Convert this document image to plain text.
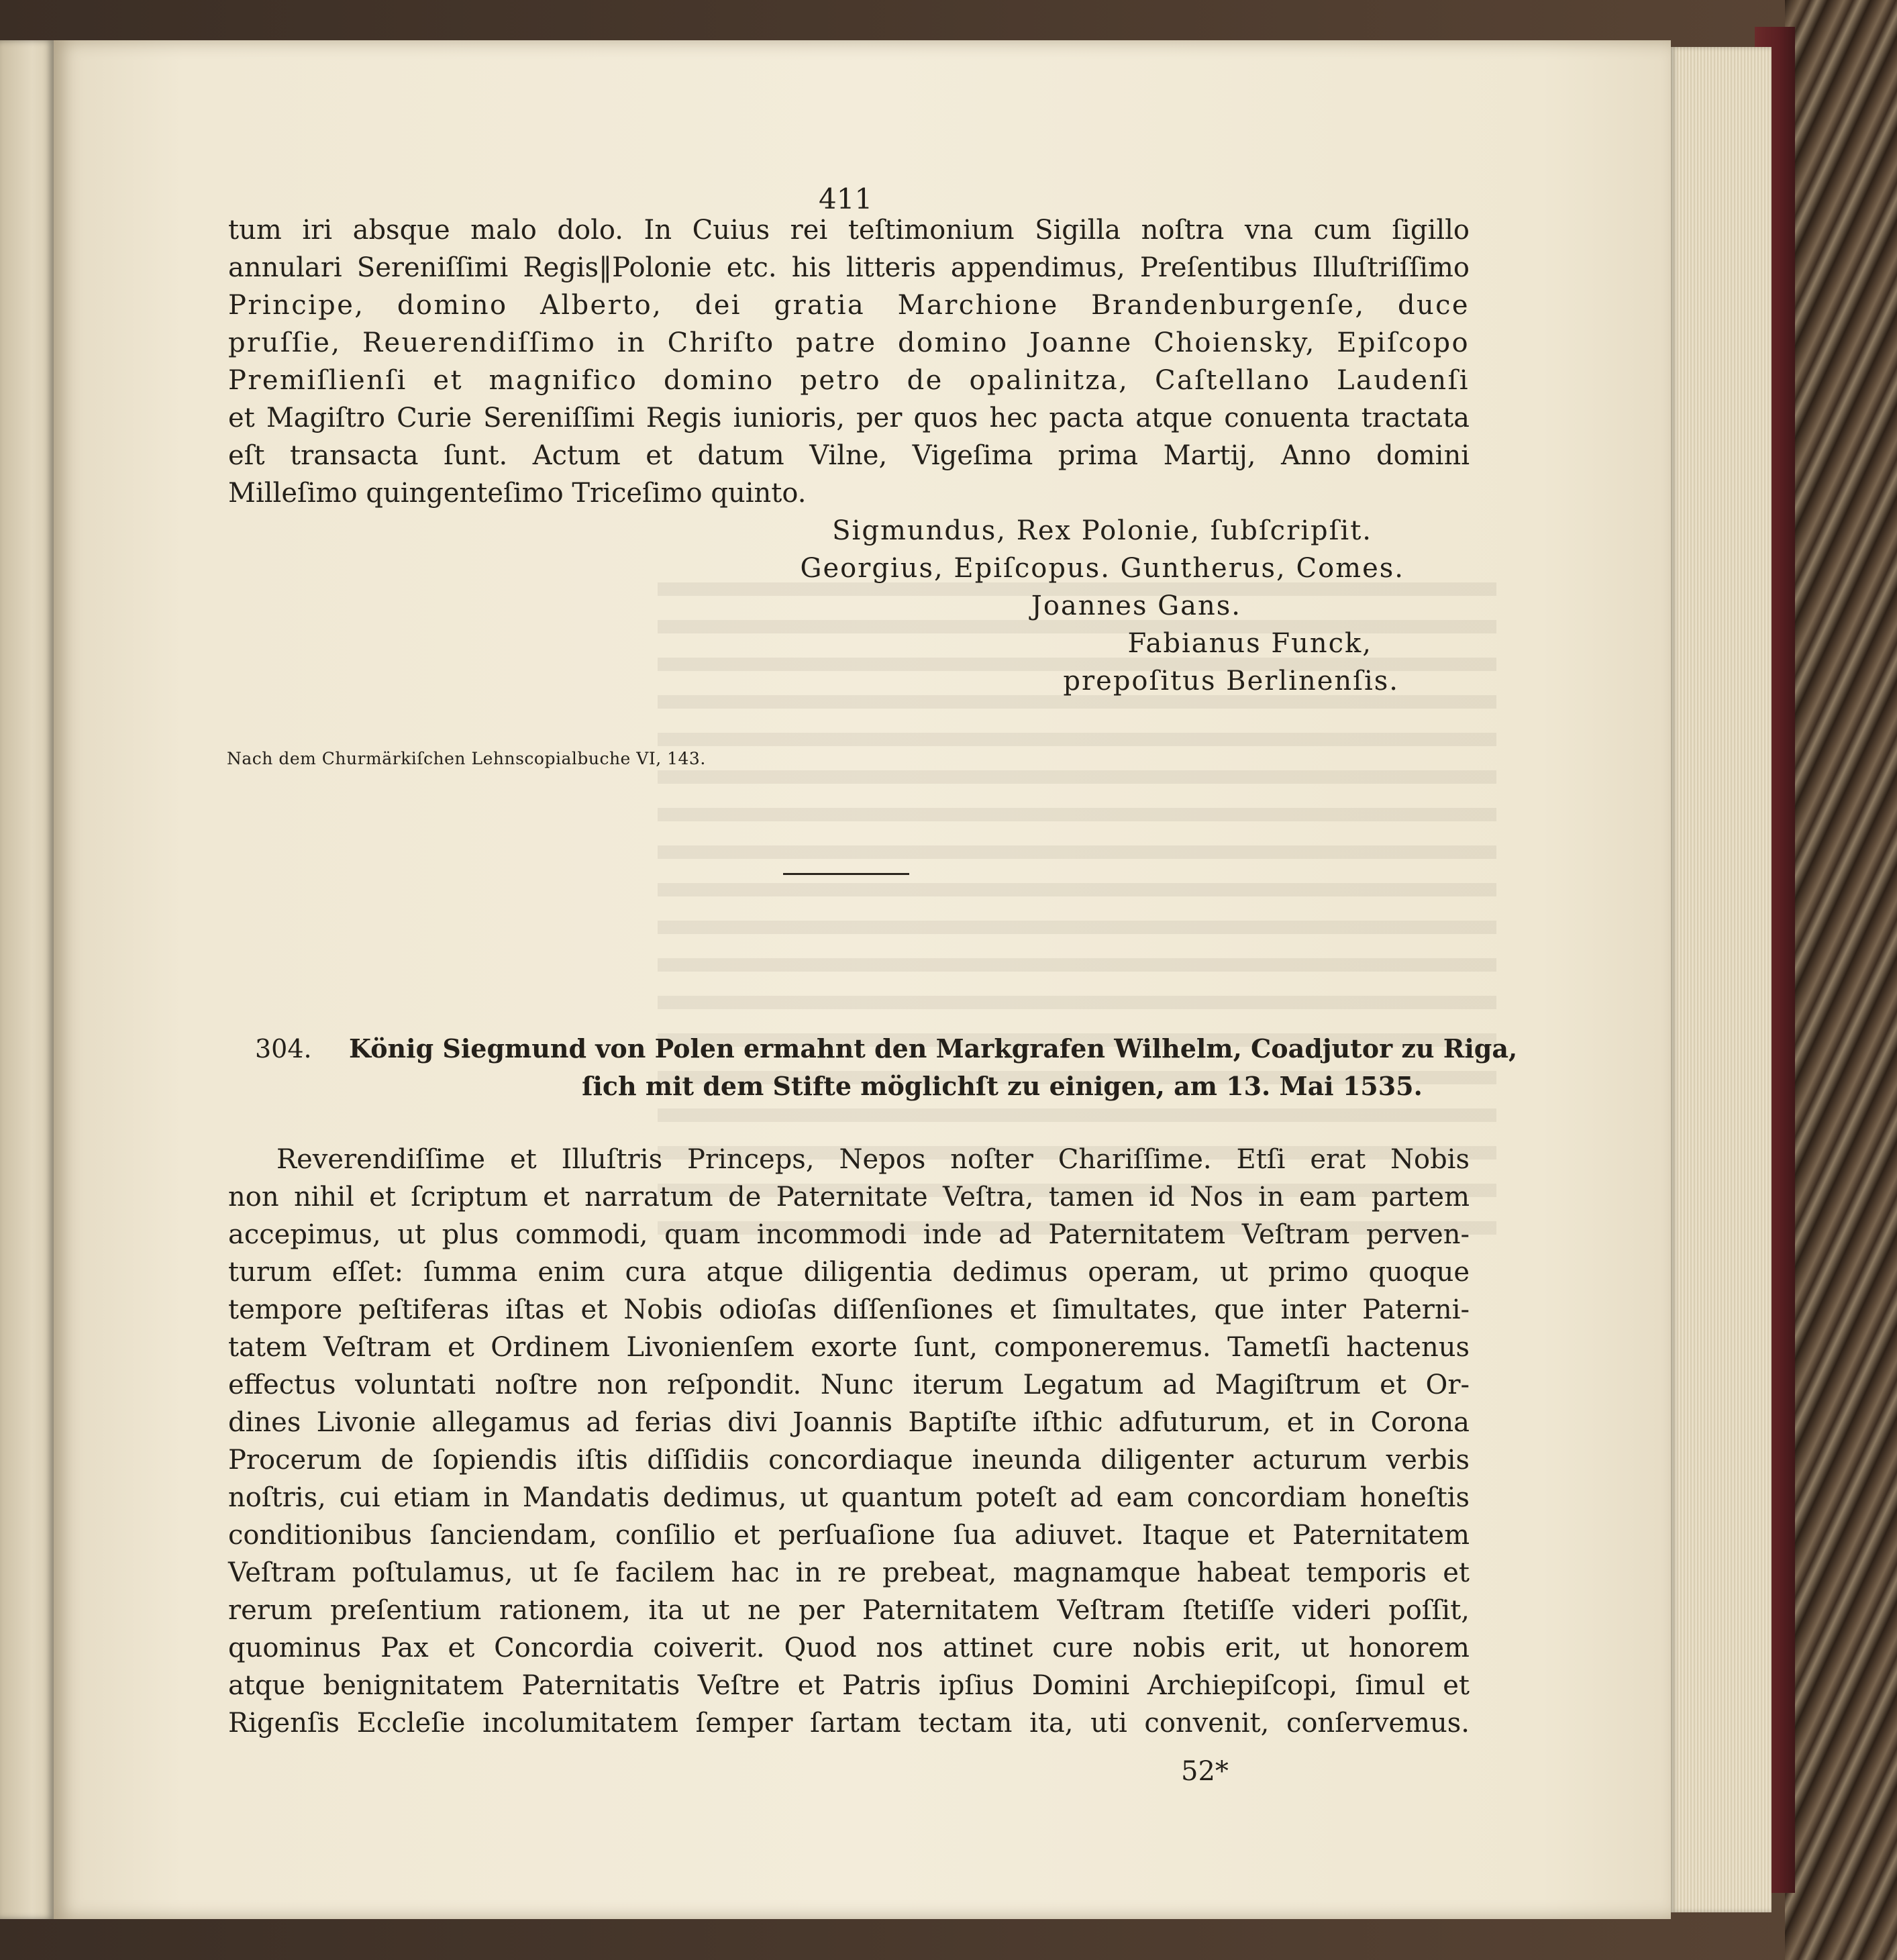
411

tum iri absque malo dolo. In Cuius rei teſtimonium Sigilla noſtra vna cum ſigillo

annulari Sereniſſimi Regis‖Polonie etc. his litteris appendimus, Preſentibus Illuſtriſſimo

Principe, domino Alberto, dei gratia Marchione Brandenburgenſe, duce

pruſſie, Reuerendiſſimo in Chriſto patre domino Joanne Choiensky, Epiſcopo

Premiſlienſi et magnifico domino petro de opalinitza, Caſtellano Laudenſi

et Magiſtro Curie Sereniſſimi Regis iunioris, per quos hec pacta atque conuenta tractata

eſt transacta ſunt. Actum et datum Vilne, Vigeſima prima Martij, Anno domini

Milleſimo quingenteſimo Triceſimo quinto.

Sigmundus, Rex Polonie, ſubſcripſit.

Georgius, Epiſcopus. Guntherus, Comes.

Joannes Gans.

Fabianus Funck,

prepoſitus Berlinenſis.

Nach dem Churmärkiſchen Lehnscopialbuche VI, 143.

304. König Siegmund von Polen ermahnt den Markgrafen Wilhelm, Coadjutor zu Riga,

ſich mit dem Stifte möglichſt zu einigen, am 13. Mai 1535.

Reverendiſſime et Illuſtris Princeps, Nepos noſter Chariſſime. Etſi erat Nobis

non nihil et ſcriptum et narratum de Paternitate Veſtra, tamen id Nos in eam partem

accepimus, ut plus commodi, quam incommodi inde ad Paternitatem Veſtram perven-

turum eſſet: ſumma enim cura atque diligentia dedimus operam, ut primo quoque

tempore peſtiferas iſtas et Nobis odioſas diſſenſiones et ſimultates, que inter Paterni-

tatem Veſtram et Ordinem Livonienſem exorte ſunt, componeremus. Tametſi hactenus

effectus voluntati noſtre non reſpondit. Nunc iterum Legatum ad Magiſtrum et Or-

dines Livonie allegamus ad ferias divi Joannis Baptiſte iſthic adfuturum, et in Corona

Procerum de ſopiendis iſtis diſſidiis concordiaque ineunda diligenter acturum verbis

noſtris, cui etiam in Mandatis dedimus, ut quantum poteſt ad eam concordiam honeſtis

conditionibus ſanciendam, conſilio et perſuaſione ſua adiuvet. Itaque et Paternitatem

Veſtram poſtulamus, ut ſe facilem hac in re prebeat, magnamque habeat temporis et

rerum preſentium rationem, ita ut ne per Paternitatem Veſtram ſtetiſſe videri poſſit,

quominus Pax et Concordia coiverit. Quod nos attinet cure nobis erit, ut honorem

atque benignitatem Paternitatis Veſtre et Patris ipſius Domini Archiepiſcopi, ſimul et

Rigenſis Eccleſie incolumitatem ſemper ſartam tectam ita, uti convenit, conſervemus.

52*
